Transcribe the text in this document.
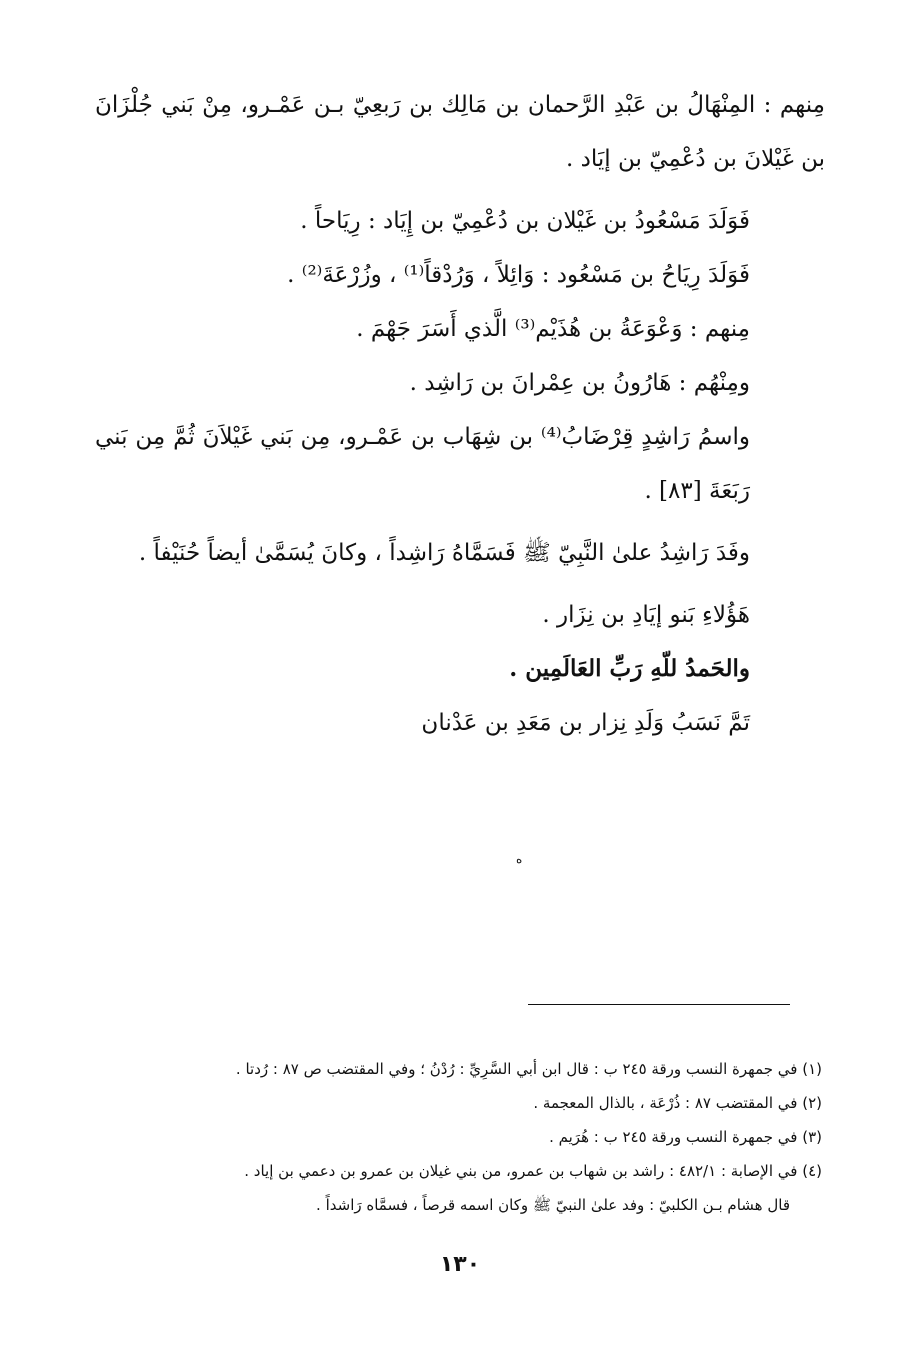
مِنهم : المِنْهَالُ بن عَبْدِ الرَّحمان بن مَالِك بن رَبعِيّ بـن عَمْـرو، مِنْ بَني جُلْزَانَ بن غَيْلانَ بن دُعْمِيّ بن إيَاد .

فَوَلَدَ مَسْعُودُ بن غَيْلان بن دُعْمِيّ بن إِيَاد : رِيَاحاً .

فَوَلَدَ رِيَاحُ بن مَسْعُود : وَائِلاً ، وَرُدْقاً⁽¹⁾ ، وزُرْعَةَ⁽²⁾ .

مِنهم : وَعْوَعَةُ بن هُذَيْم⁽³⁾ الَّذي أَسَرَ جَهْمَ .

ومِنْهُم : هَارُونُ بن عِمْرانَ بن رَاشِد .

واسمُ رَاشِدٍ قِرْضَابُ⁽⁴⁾ بن شِهَاب بن عَمْـرو، مِن بَني غَيْلاَنَ ثُمَّ مِن بَني رَبَعَةَ [٨٣] .

وفَدَ رَاشِدُ علىٰ النَّبِيّ ﷺ فَسَمَّاهُ رَاشِداً ، وكانَ يُسَمَّىٰ أيضاً حُنَيْفاً .

هَؤُلاءِ بَنو إيَادِ بن نِزَار .

والحَمدُ للّهِ رَبِّ العَالَمِين .

تَمَّ نَسَبُ وَلَدِ نِزار بن مَعَدِ بن عَدْنان

ه

(١) في جمهرة النسب ورقة ٢٤٥ ب : قال ابن أبي السَّرِيِّ : رُدْنُ ؛ وفي المقتضب ص ٨٧ : رُدتا .

(٢) في المقتضب ٨٧ : ذُرْعَة ، بالذال المعجمة .

(٣) في جمهرة النسب ورقة ٢٤٥ ب : هُرَيم .

(٤) في الإصابة : ٤٨٢/١ : راشد بن شهاب بن عمرو، من بني غيلان بن عمرو بن دعمي بن إياد .

قال هشام بـن الكلبيّ : وفد علىٰ النبيّ ﷺ وكان اسمه قرصاً ، فسمَّاه رَاشداً .

١٣٠
